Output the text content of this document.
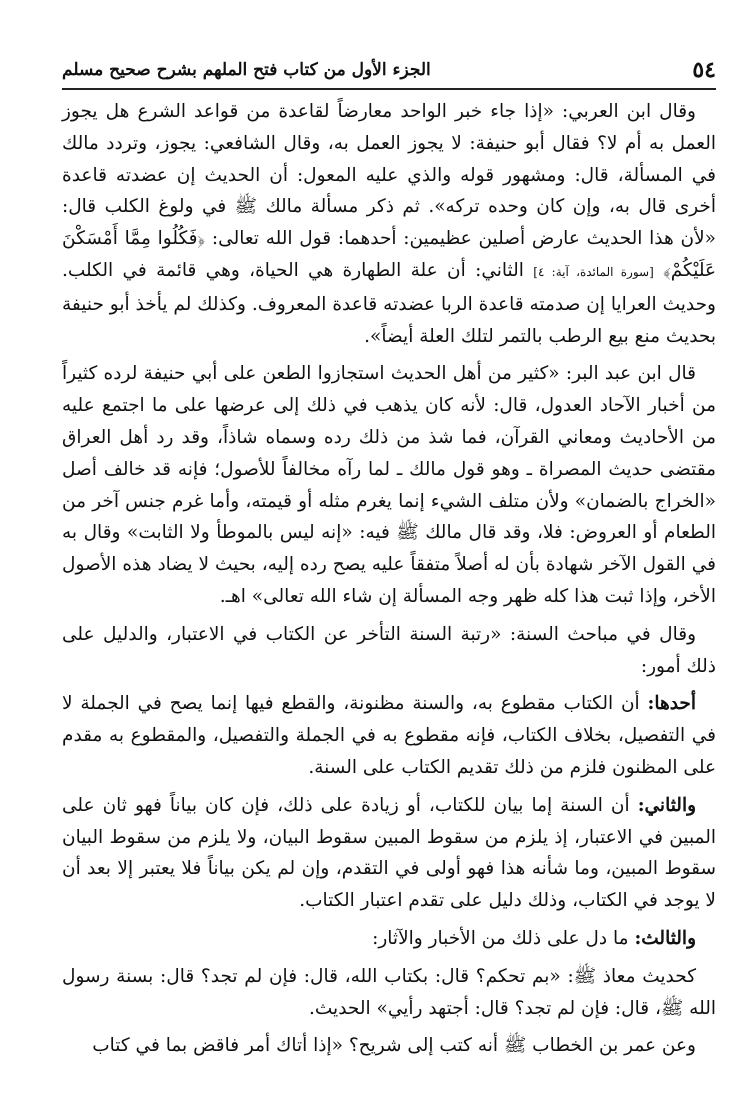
الجزء الأول من كتاب فتح الملهم بشرح صحيح مسلم	٥٤

وقال ابن العربي: «إذا جاء خبر الواحد معارضاً لقاعدة من قواعد الشرع هل يجوز العمل به أم لا؟ فقال أبو حنيفة: لا يجوز العمل به، وقال الشافعي: يجوز، وتردد مالك في المسألة، قال: ومشهور قوله والذي عليه المعول: أن الحديث إن عضدته قاعدة أخرى قال به، وإن كان وحده تركه». ثم ذكر مسألة مالك ﷺ في ولوغ الكلب قال: «لأن هذا الحديث عارض أصلين عظيمين: أحدهما: قول الله تعالى: ﴿فَكُلُوا مِمَّا أَمْسَكْنَ عَلَيْكُمْ﴾ [سورة المائدة، آية: ٤] الثاني: أن علة الطهارة هي الحياة، وهي قائمة في الكلب. وحديث العرايا إن صدمته قاعدة الربا عضدته قاعدة المعروف. وكذلك لم يأخذ أبو حنيفة بحديث منع بيع الرطب بالتمر لتلك العلة أيضاً».

قال ابن عبد البر: «كثير من أهل الحديث استجازوا الطعن على أبي حنيفة لرده كثيراً من أخبار الآحاد العدول، قال: لأنه كان يذهب في ذلك إلى عرضها على ما اجتمع عليه من الأحاديث ومعاني القرآن، فما شذ من ذلك رده وسماه شاذاً، وقد رد أهل العراق مقتضى حديث المصراة ـ وهو قول مالك ـ لما رآه مخالفاً للأصول؛ فإنه قد خالف أصل «الخراج بالضمان» ولأن متلف الشيء إنما يغرم مثله أو قيمته، وأما غرم جنس آخر من الطعام أو العروض: فلا، وقد قال مالك ﷺ فيه: «إنه ليس بالموطأ ولا الثابت» وقال به في القول الآخر شهادة بأن له أصلاً متفقاً عليه يصح رده إليه، بحيث لا يضاد هذه الأصول الأخر، وإذا ثبت هذا كله ظهر وجه المسألة إن شاء الله تعالى» اهـ.

وقال في مباحث السنة: «رتبة السنة التأخر عن الكتاب في الاعتبار، والدليل على ذلك أمور:

أحدها: أن الكتاب مقطوع به، والسنة مظنونة، والقطع فيها إنما يصح في الجملة لا في التفصيل، بخلاف الكتاب، فإنه مقطوع به في الجملة والتفصيل، والمقطوع به مقدم على المظنون فلزم من ذلك تقديم الكتاب على السنة.

والثاني: أن السنة إما بيان للكتاب، أو زيادة على ذلك، فإن كان بياناً فهو ثان على المبين في الاعتبار، إذ يلزم من سقوط المبين سقوط البيان، ولا يلزم من سقوط البيان سقوط المبين، وما شأنه هذا فهو أولى في التقدم، وإن لم يكن بياناً فلا يعتبر إلا بعد أن لا يوجد في الكتاب، وذلك دليل على تقدم اعتبار الكتاب.

والثالث: ما دل على ذلك من الأخبار والآثار:

كحديث معاذ ﷺ: «بم تحكم؟ قال: بكتاب الله، قال: فإن لم تجد؟ قال: بسنة رسول الله ﷺ، قال: فإن لم تجد؟ قال: أجتهد رأيي» الحديث.

وعن عمر بن الخطاب ﷺ أنه كتب إلى شريح؟ «إذا أتاك أمر فاقض بما في كتاب
